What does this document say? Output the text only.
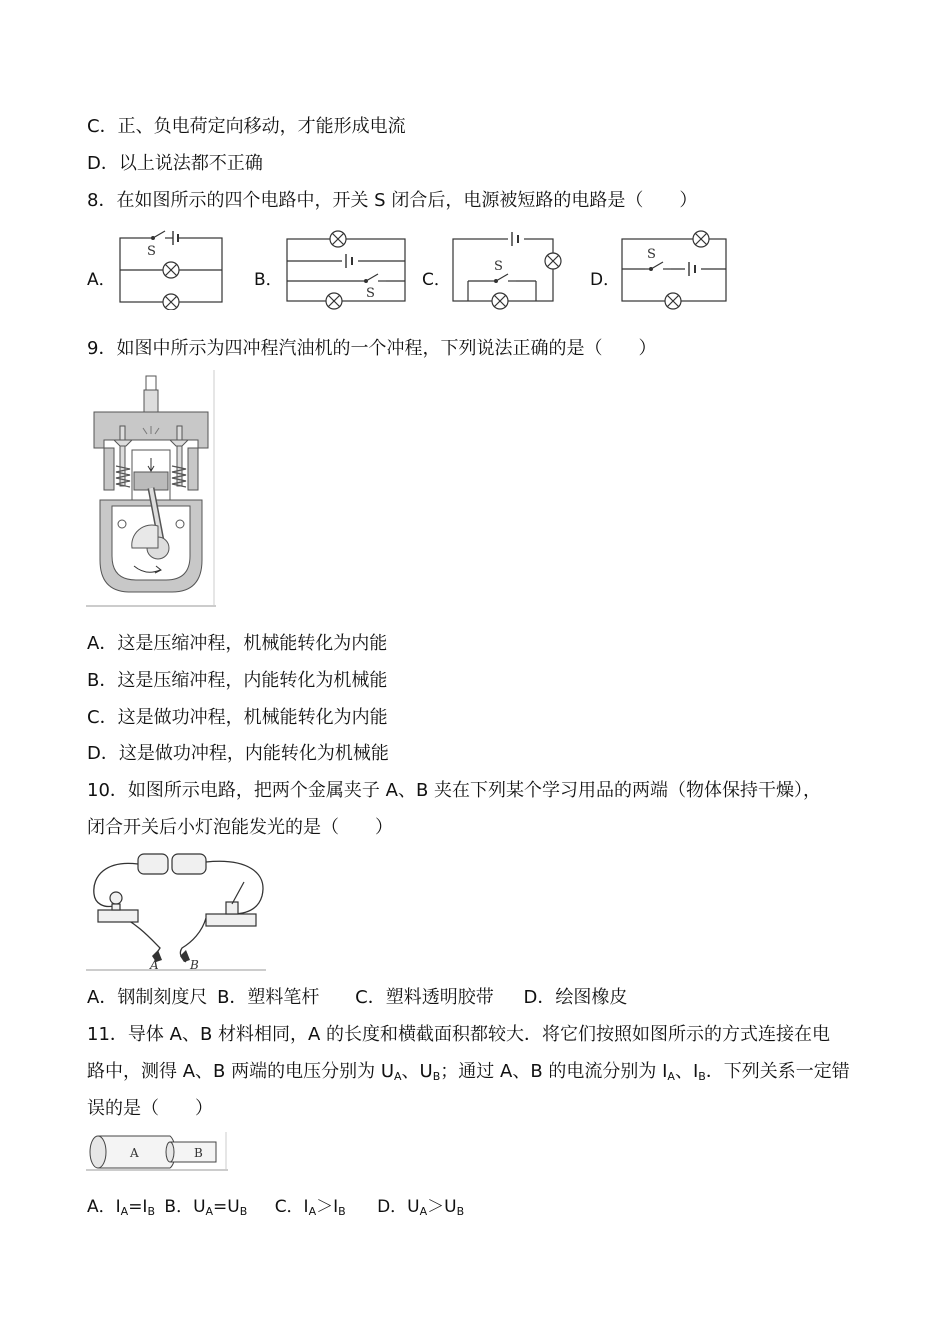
C．正、负电荷定向移动，才能形成电流
D．以上说法都不正确
8．在如图所示的四个电路中，开关 S 闭合后，电源被短路的电路是（　　）
A．
S
B．
S
C．
S
D．
S
9．如图中所示为四冲程汽油机的一个冲程，下列说法正确的是（　　）
A．这是压缩冲程，机械能转化为内能
B．这是压缩冲程，内能转化为机械能
C．这是做功冲程，机械能转化为内能
D．这是做功冲程，内能转化为机械能
10．如图所示电路，把两个金属夹子 A、B 夹在下列某个学习用品的两端（物体保持干燥），
闭合开关后小灯泡能发光的是（　　）
A	B
A．钢制刻度尺 B．塑料笔杆 C．塑料透明胶带 D．绘图橡皮
11．导体 A、B 材料相同，A 的长度和横截面积都较大．将它们按照如图所示的方式连接在电
路中，测得 A、B 两端的电压分别为 $U_A$、$U_B$；通过 A、B 的电流分别为 $I_A$、$I_B$．下列关系一定错
误的是（　　）
A	B
A．$I_A=I_B$ B．$U_A=U_B$ C．$I_A>I_B$ D．$U_A>U_B$
